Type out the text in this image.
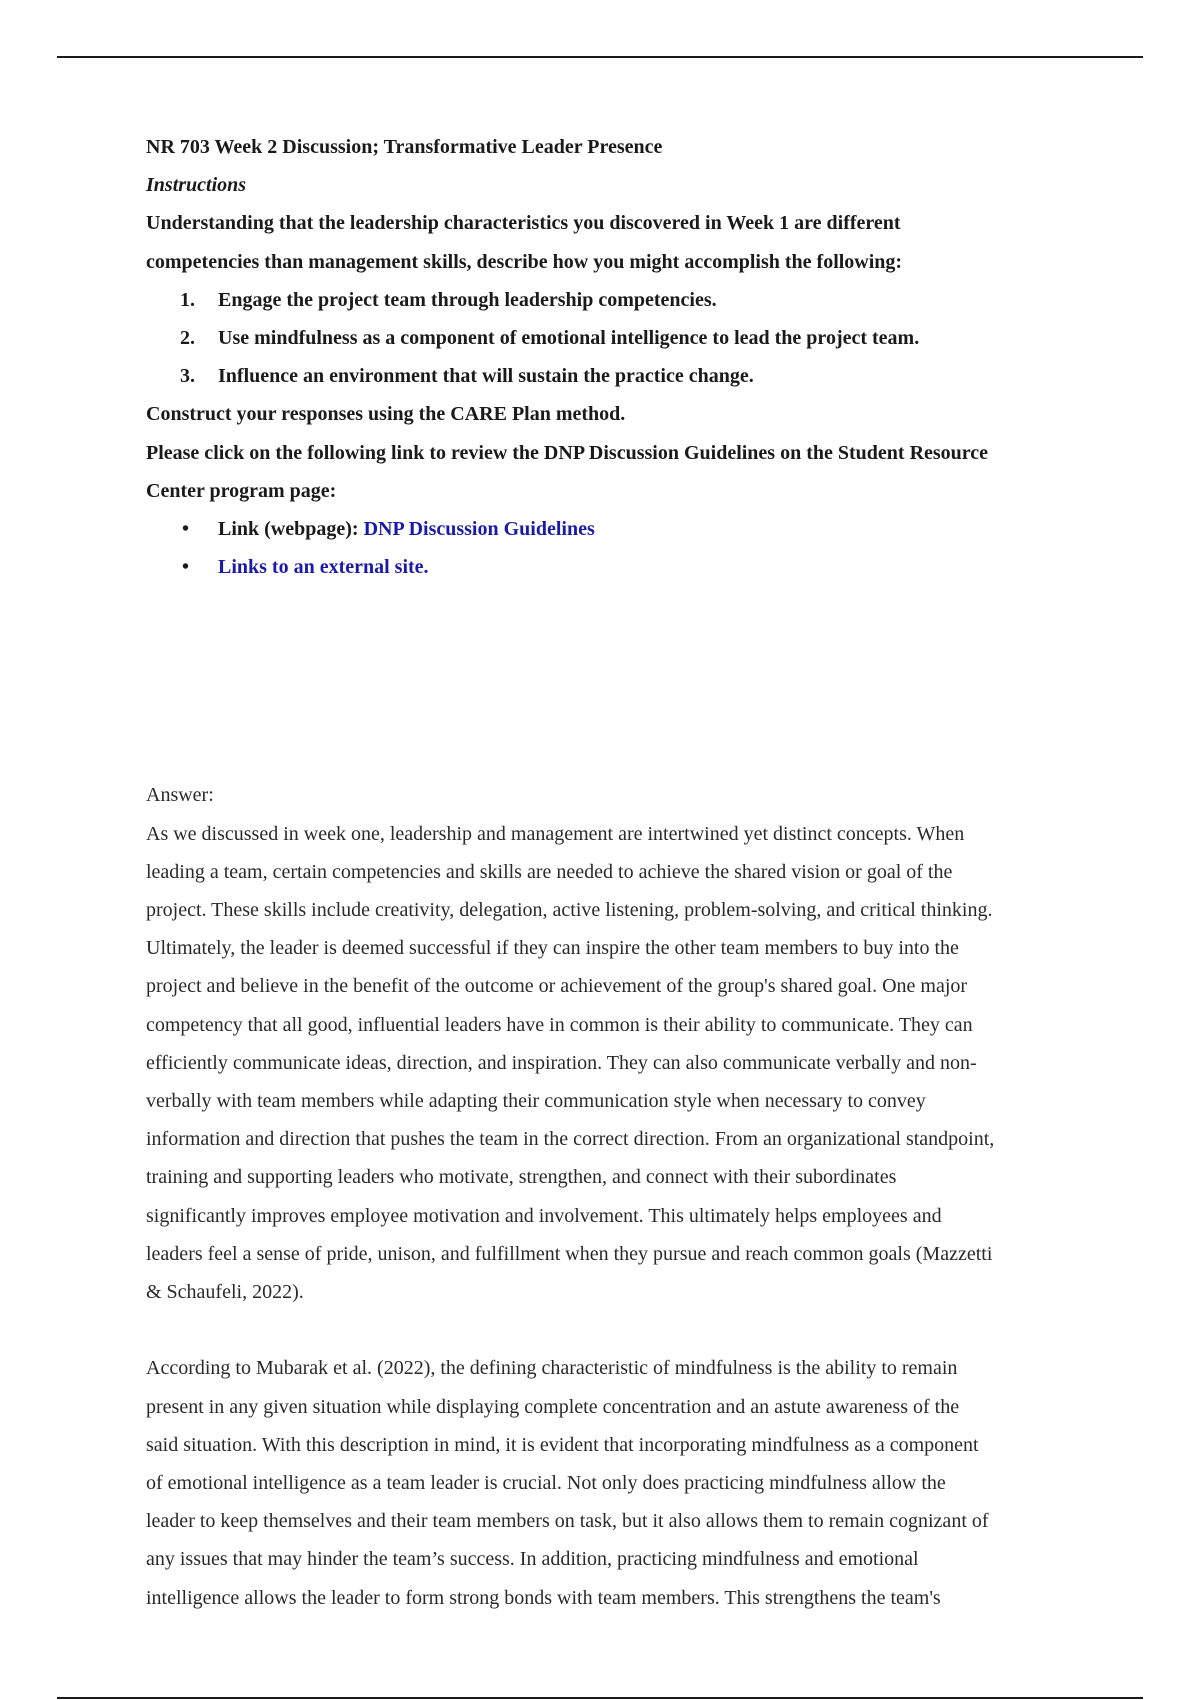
NR 703 Week 2 Discussion; Transformative Leader Presence

Instructions

Understanding that the leadership characteristics you discovered in Week 1 are different

competencies than management skills, describe how you might accomplish the following:

1.	Engage the project team through leadership competencies.
2.	Use mindfulness as a component of emotional intelligence to lead the project team.
3.	Influence an environment that will sustain the practice change.

Construct your responses using the CARE Plan method.

Please click on the following link to review the DNP Discussion Guidelines on the Student Resource

Center program page:

• Link (webpage): DNP Discussion Guidelines
• Links to an external site.

Answer:

As we discussed in week one, leadership and management are intertwined yet distinct concepts. When

leading a team, certain competencies and skills are needed to achieve the shared vision or goal of the

project. These skills include creativity, delegation, active listening, problem-solving, and critical thinking.

Ultimately, the leader is deemed successful if they can inspire the other team members to buy into the

project and believe in the benefit of the outcome or achievement of the group's shared goal. One major

competency that all good, influential leaders have in common is their ability to communicate. They can

efficiently communicate ideas, direction, and inspiration. They can also communicate verbally and non-

verbally with team members while adapting their communication style when necessary to convey

information and direction that pushes the team in the correct direction. From an organizational standpoint,

training and supporting leaders who motivate, strengthen, and connect with their subordinates

significantly improves employee motivation and involvement. This ultimately helps employees and

leaders feel a sense of pride, unison, and fulfillment when they pursue and reach common goals (Mazzetti

& Schaufeli, 2022).

According to Mubarak et al. (2022), the defining characteristic of mindfulness is the ability to remain

present in any given situation while displaying complete concentration and an astute awareness of the

said situation. With this description in mind, it is evident that incorporating mindfulness as a component

of emotional intelligence as a team leader is crucial. Not only does practicing mindfulness allow the

leader to keep themselves and their team members on task, but it also allows them to remain cognizant of

any issues that may hinder the team’s success. In addition, practicing mindfulness and emotional

intelligence allows the leader to form strong bonds with team members. This strengthens the team's
